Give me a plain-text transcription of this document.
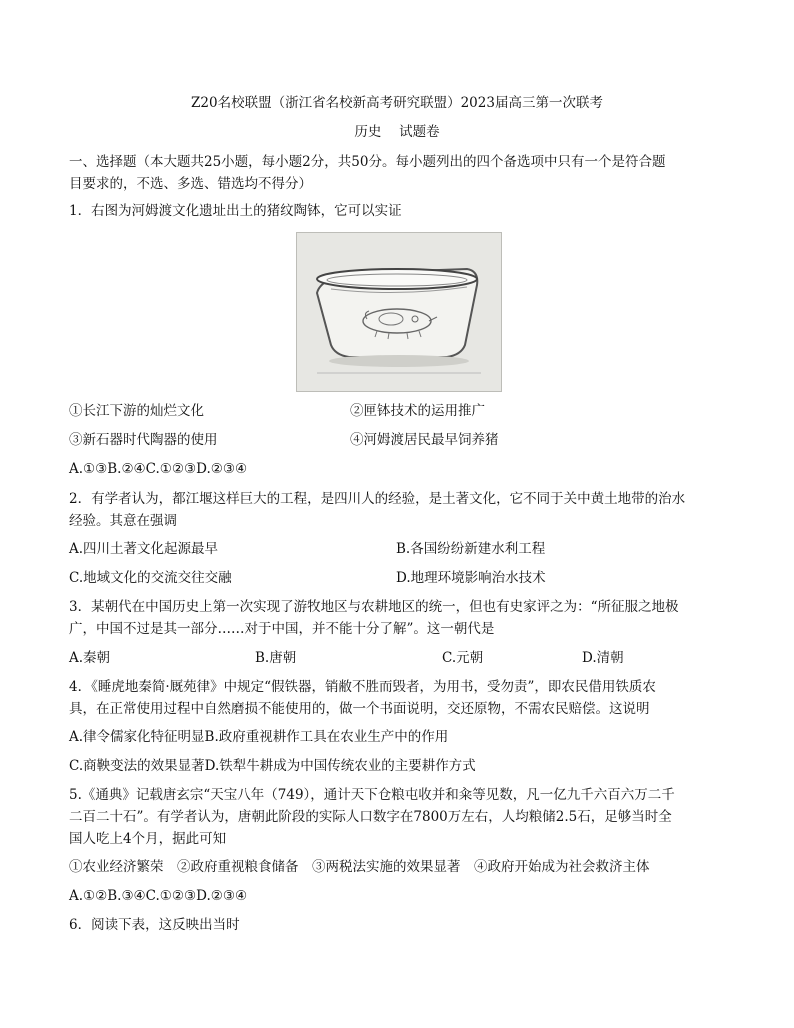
Z20名校联盟（浙江省名校新高考研究联盟）2023届高三第一次联考
历史　 试题卷
一、选择题（本大题共25小题，每小题2分，共50分。每小题列出的四个备选项中只有一个是符合题
目要求的，不选、多选、错选均不得分）
1．右图为河姆渡文化遗址出土的猪纹陶钵，它可以实证
①长江下游的灿烂文化	②匣钵技术的运用推广
③新石器时代陶器的使用	④河姆渡居民最早饲养猪
A.①③B.②④C.①②③D.②③④
2．有学者认为，都江堰这样巨大的工程，是四川人的经验，是土著文化，它不同于关中黄土地带的治水
经验。其意在强调
A.四川土著文化起源最早	B.各国纷纷新建水利工程
C.地域文化的交流交往交融	D.地理环境影响治水技术
3．某朝代在中国历史上第一次实现了游牧地区与农耕地区的统一，但也有史家评之为：“所征服之地极
广，中国不过是其一部分……对于中国，并不能十分了解”。这一朝代是
A.秦朝	B.唐朝	C.元朝	D.清朝
4．《睡虎地秦简·厩苑律》中规定“假铁器，销敝不胜而毁者，为用书，受勿责”，即农民借用铁质农
具，在正常使用过程中自然磨损不能使用的，做一个书面说明，交还原物，不需农民赔偿。这说明
A.律令儒家化特征明显B.政府重视耕作工具在农业生产中的作用
C.商鞅变法的效果显著D.铁犁牛耕成为中国传统农业的主要耕作方式
5.《通典》记载唐玄宗“天宝八年（749），通计天下仓粮屯收并和籴等见数，凡一亿九千六百六万二千
二百二十石”。有学者认为，唐朝此阶段的实际人口数字在7800万左右，人均粮储2.5石，足够当时全
国人吃上4个月，据此可知
①农业经济繁荣　②政府重视粮食储备　③两税法实施的效果显著　④政府开始成为社会救济主体
A.①②B.③④C.①②③D.②③④
6．阅读下表，这反映出当时
